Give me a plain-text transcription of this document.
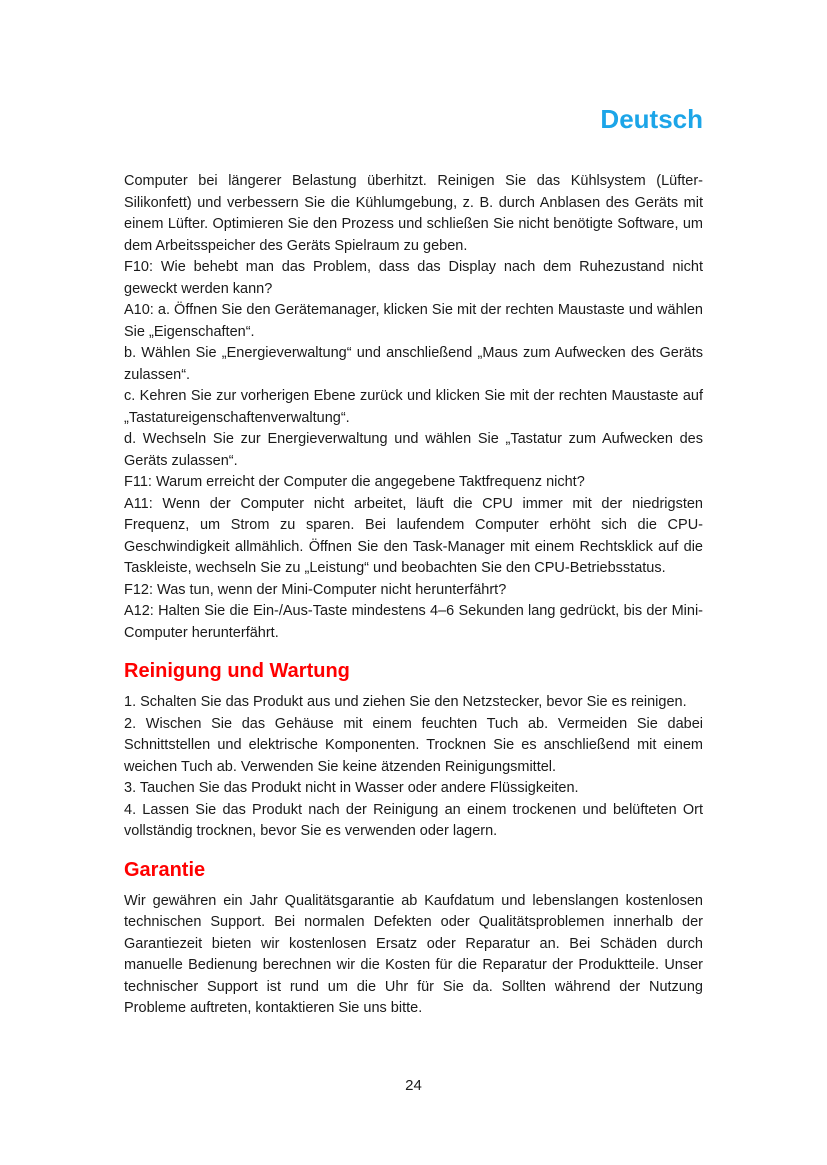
Deutsch

Computer bei längerer Belastung überhitzt. Reinigen Sie das Kühlsystem (Lüfter-Silikonfett) und verbessern Sie die Kühlumgebung, z. B. durch Anblasen des Geräts mit einem Lüfter. Optimieren Sie den Prozess und schließen Sie nicht benötigte Software, um dem Arbeitsspeicher des Geräts Spielraum zu geben.

F10: Wie behebt man das Problem, dass das Display nach dem Ruhezustand nicht geweckt werden kann?

A10: a. Öffnen Sie den Gerätemanager, klicken Sie mit der rechten Maustaste und wählen Sie „Eigenschaften“.

b. Wählen Sie „Energieverwaltung“ und anschließend „Maus zum Aufwecken des Geräts zulassen“.

c. Kehren Sie zur vorherigen Ebene zurück und klicken Sie mit der rechten Maustaste auf „Tastatureigenschaftenverwaltung“.

d. Wechseln Sie zur Energieverwaltung und wählen Sie „Tastatur zum Aufwecken des Geräts zulassen“.

F11: Warum erreicht der Computer die angegebene Taktfrequenz nicht?

A11: Wenn der Computer nicht arbeitet, läuft die CPU immer mit der niedrigsten Frequenz, um Strom zu sparen. Bei laufendem Computer erhöht sich die CPU-Geschwindigkeit allmählich. Öffnen Sie den Task-Manager mit einem Rechtsklick auf die Taskleiste, wechseln Sie zu „Leistung“ und beobachten Sie den CPU-Betriebsstatus.

F12: Was tun, wenn der Mini-Computer nicht herunterfährt?

A12: Halten Sie die Ein-/Aus-Taste mindestens 4–6 Sekunden lang gedrückt, bis der Mini-Computer herunterfährt.

Reinigung und Wartung

1. Schalten Sie das Produkt aus und ziehen Sie den Netzstecker, bevor Sie es reinigen.

2. Wischen Sie das Gehäuse mit einem feuchten Tuch ab. Vermeiden Sie dabei Schnittstellen und elektrische Komponenten. Trocknen Sie es anschließend mit einem weichen Tuch ab. Verwenden Sie keine ätzenden Reinigungsmittel.

3. Tauchen Sie das Produkt nicht in Wasser oder andere Flüssigkeiten.

4. Lassen Sie das Produkt nach der Reinigung an einem trockenen und belüfteten Ort vollständig trocknen, bevor Sie es verwenden oder lagern.

Garantie

Wir gewähren ein Jahr Qualitätsgarantie ab Kaufdatum und lebenslangen kostenlosen technischen Support. Bei normalen Defekten oder Qualitätsproblemen innerhalb der Garantiezeit bieten wir kostenlosen Ersatz oder Reparatur an. Bei Schäden durch manuelle Bedienung berechnen wir die Kosten für die Reparatur der Produktteile. Unser technischer Support ist rund um die Uhr für Sie da. Sollten während der Nutzung Probleme auftreten, kontaktieren Sie uns bitte.

24
